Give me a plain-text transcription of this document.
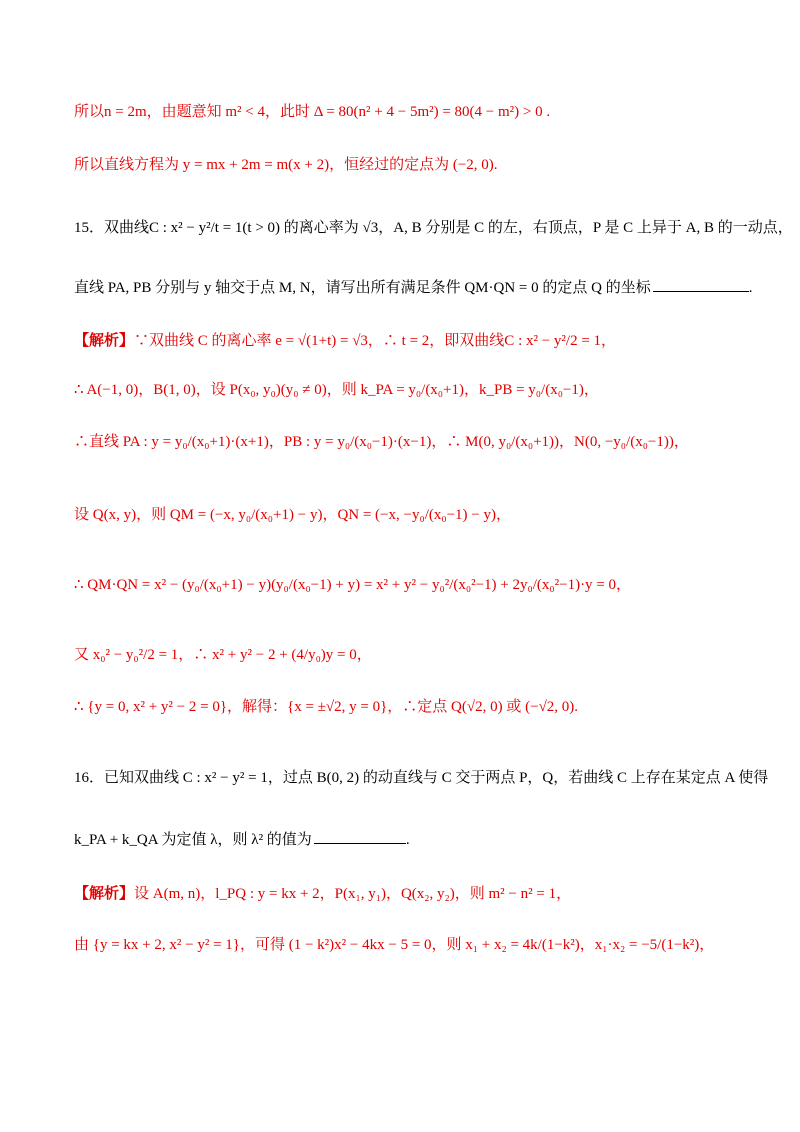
所以n = 2m，由题意知 m² < 4，此时 Δ = 80(n² + 4 − 5m²) = 80(4 − m²) > 0 .
所以直线方程为 y = mx + 2m = m(x + 2)，恒经过的定点为 (−2, 0).
15．双曲线C : x² − y²/t = 1(t > 0) 的离心率为 √3，A, B 分别是 C 的左，右顶点，P 是 C 上异于 A, B 的一动点，
直线 PA, PB 分别与 y 轴交于点 M, N，请写出所有满足条件 QM·QN = 0 的定点 Q 的坐标	.
【解析】∵双曲线 C 的离心率 e = √(1+t) = √3，∴ t = 2，即双曲线C : x² − y²/2 = 1，
∴ A(−1, 0)，B(1, 0)，设 P(x₀, y₀)(y₀ ≠ 0)，则 k_PA = y₀/(x₀+1)，k_PB = y₀/(x₀−1)，
∴直线 PA : y = y₀/(x₀+1)·(x+1)，PB : y = y₀/(x₀−1)·(x−1)，∴ M(0, y₀/(x₀+1))，N(0, −y₀/(x₀−1))，
设 Q(x, y)，则 QM = (−x, y₀/(x₀+1) − y)，QN = (−x, −y₀/(x₀−1) − y)，
∴ QM·QN = x² − (y₀/(x₀+1) − y)(y₀/(x₀−1) + y) = x² + y² − y₀²/(x₀²−1) + 2y₀/(x₀²−1)·y = 0，
又 x₀² − y₀²/2 = 1，∴ x² + y² − 2 + (4/y₀)y = 0，
∴ {y = 0, x² + y² − 2 = 0}，解得：{x = ±√2, y = 0}，∴定点 Q(√2, 0) 或 (−√2, 0).
16．已知双曲线 C : x² − y² = 1，过点 B(0, 2) 的动直线与 C 交于两点 P，Q，若曲线 C 上存在某定点 A 使得
k_PA + k_QA 为定值 λ，则 λ² 的值为	.
【解析】设 A(m, n)，l_PQ : y = kx + 2，P(x₁, y₁)，Q(x₂, y₂)，则 m² − n² = 1，
由 {y = kx + 2, x² − y² = 1}，可得 (1 − k²)x² − 4kx − 5 = 0，则 x₁ + x₂ = 4k/(1−k²)，x₁·x₂ = −5/(1−k²)，
